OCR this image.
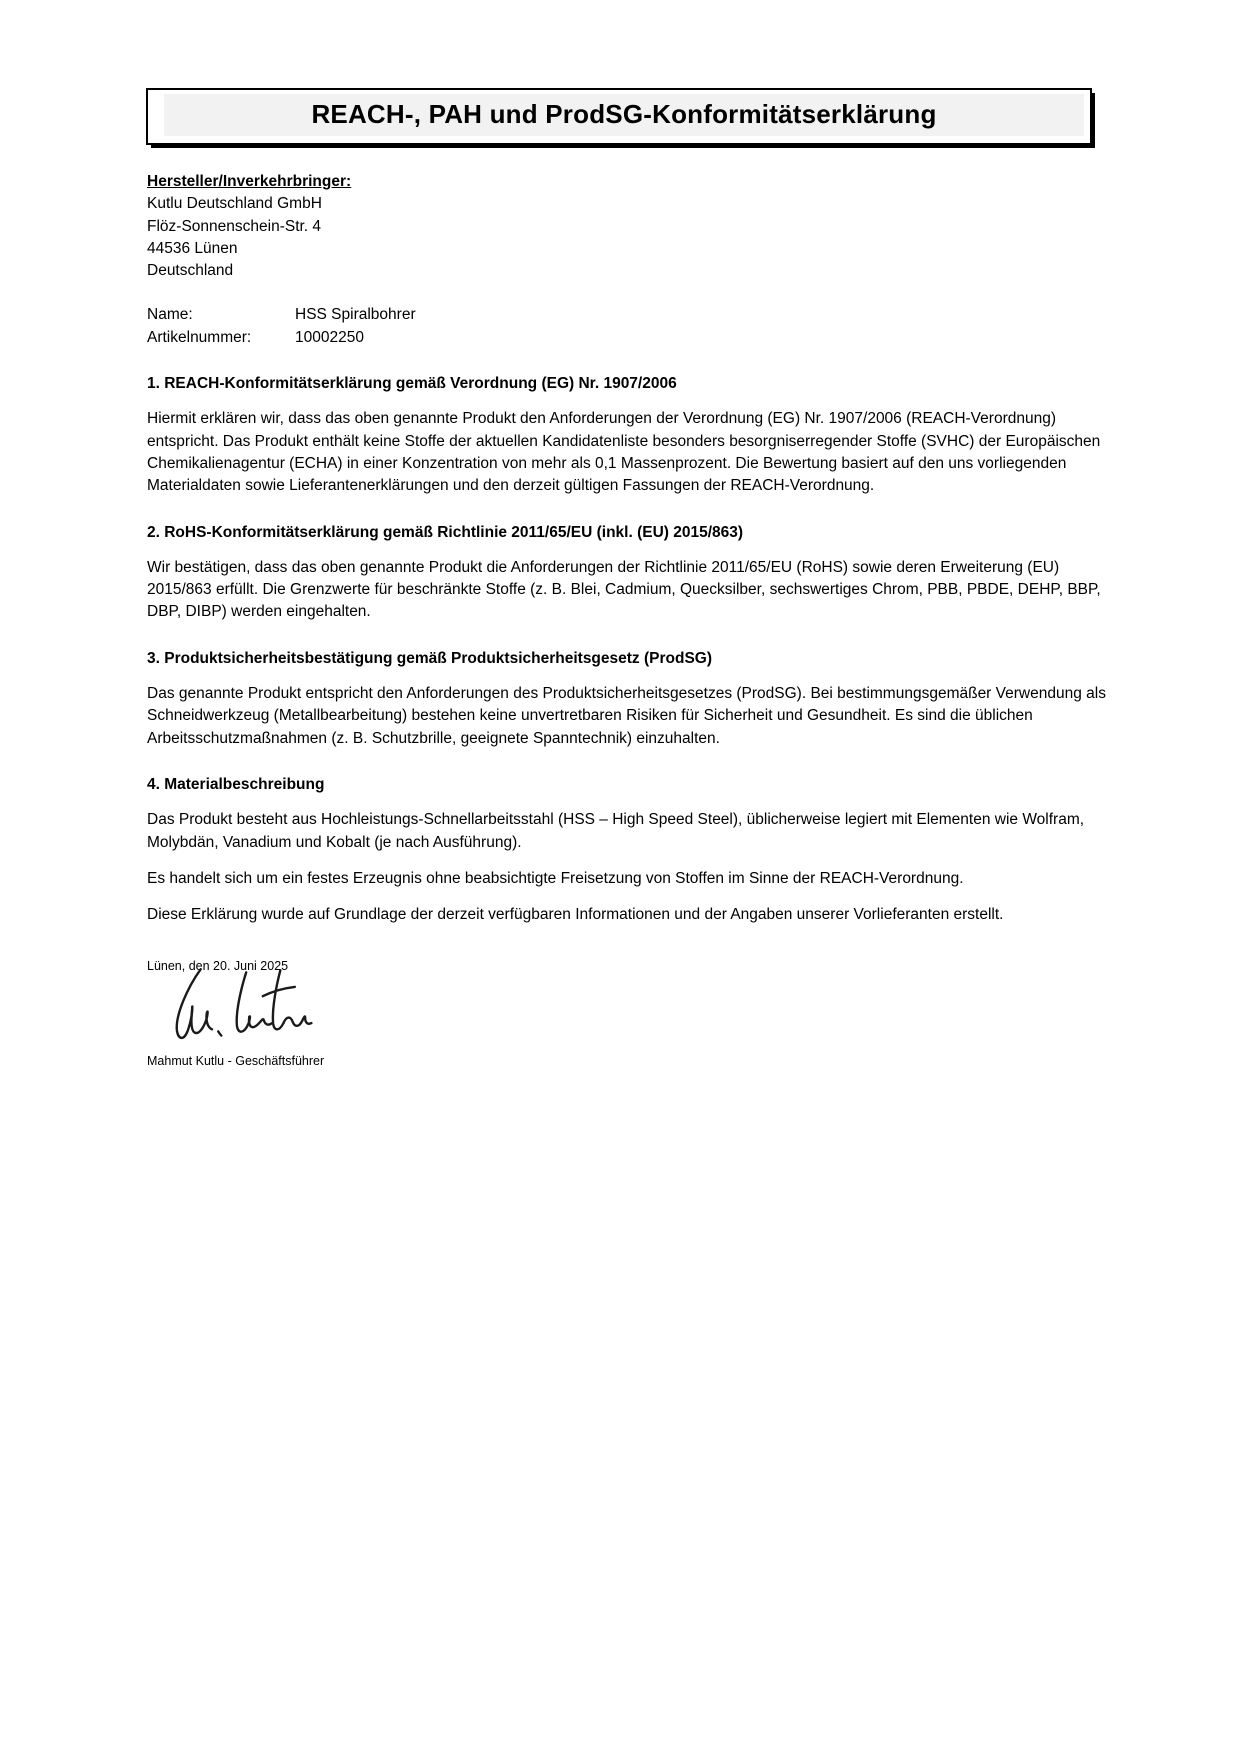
REACH-, PAH und ProdSG-Konformitätserklärung

Hersteller/Inverkehrbringer:

Kutlu Deutschland GmbH

Flöz-Sonnenschein-Str. 4

44536 Lünen

Deutschland

Name:	HSS Spiralbohrer
Artikelnummer:	10002250
1. REACH-Konformitätserklärung gemäß Verordnung (EG) Nr. 1907/2006

Hiermit erklären wir, dass das oben genannte Produkt den Anforderungen der Verordnung (EG) Nr. 1907/2006 (REACH-Verordnung) entspricht. Das Produkt enthält keine Stoffe der aktuellen Kandidatenliste besonders besorgniserregender Stoffe (SVHC) der Europäischen Chemikalienagentur (ECHA) in einer Konzentration von mehr als 0,1 Massenprozent. Die Bewertung basiert auf den uns vorliegenden Materialdaten sowie Lieferantenerklärungen und den derzeit gültigen Fassungen der REACH-Verordnung.

2. RoHS-Konformitätserklärung gemäß Richtlinie 2011/65/EU (inkl. (EU) 2015/863)

Wir bestätigen, dass das oben genannte Produkt die Anforderungen der Richtlinie 2011/65/EU (RoHS) sowie deren Erweiterung (EU) 2015/863 erfüllt. Die Grenzwerte für beschränkte Stoffe (z. B. Blei, Cadmium, Quecksilber, sechswertiges Chrom, PBB, PBDE, DEHP, BBP, DBP, DIBP) werden eingehalten.

3. Produktsicherheitsbestätigung gemäß Produktsicherheitsgesetz (ProdSG)

Das genannte Produkt entspricht den Anforderungen des Produktsicherheitsgesetzes (ProdSG). Bei bestimmungsgemäßer Verwendung als Schneidwerkzeug (Metallbearbeitung) bestehen keine unvertretbaren Risiken für Sicherheit und Gesundheit. Es sind die üblichen Arbeitsschutzmaßnahmen (z. B. Schutzbrille, geeignete Spanntechnik) einzuhalten.

4. Materialbeschreibung

Das Produkt besteht aus Hochleistungs-Schnellarbeitsstahl (HSS – High Speed Steel), üblicherweise legiert mit Elementen wie Wolfram, Molybdän, Vanadium und Kobalt (je nach Ausführung).

Es handelt sich um ein festes Erzeugnis ohne beabsichtigte Freisetzung von Stoffen im Sinne der REACH-Verordnung.

Diese Erklärung wurde auf Grundlage der derzeit verfügbaren Informationen und der Angaben unserer Vorlieferanten erstellt.

Lünen, den 20. Juni 2025

Mahmut Kutlu - Geschäftsführer
